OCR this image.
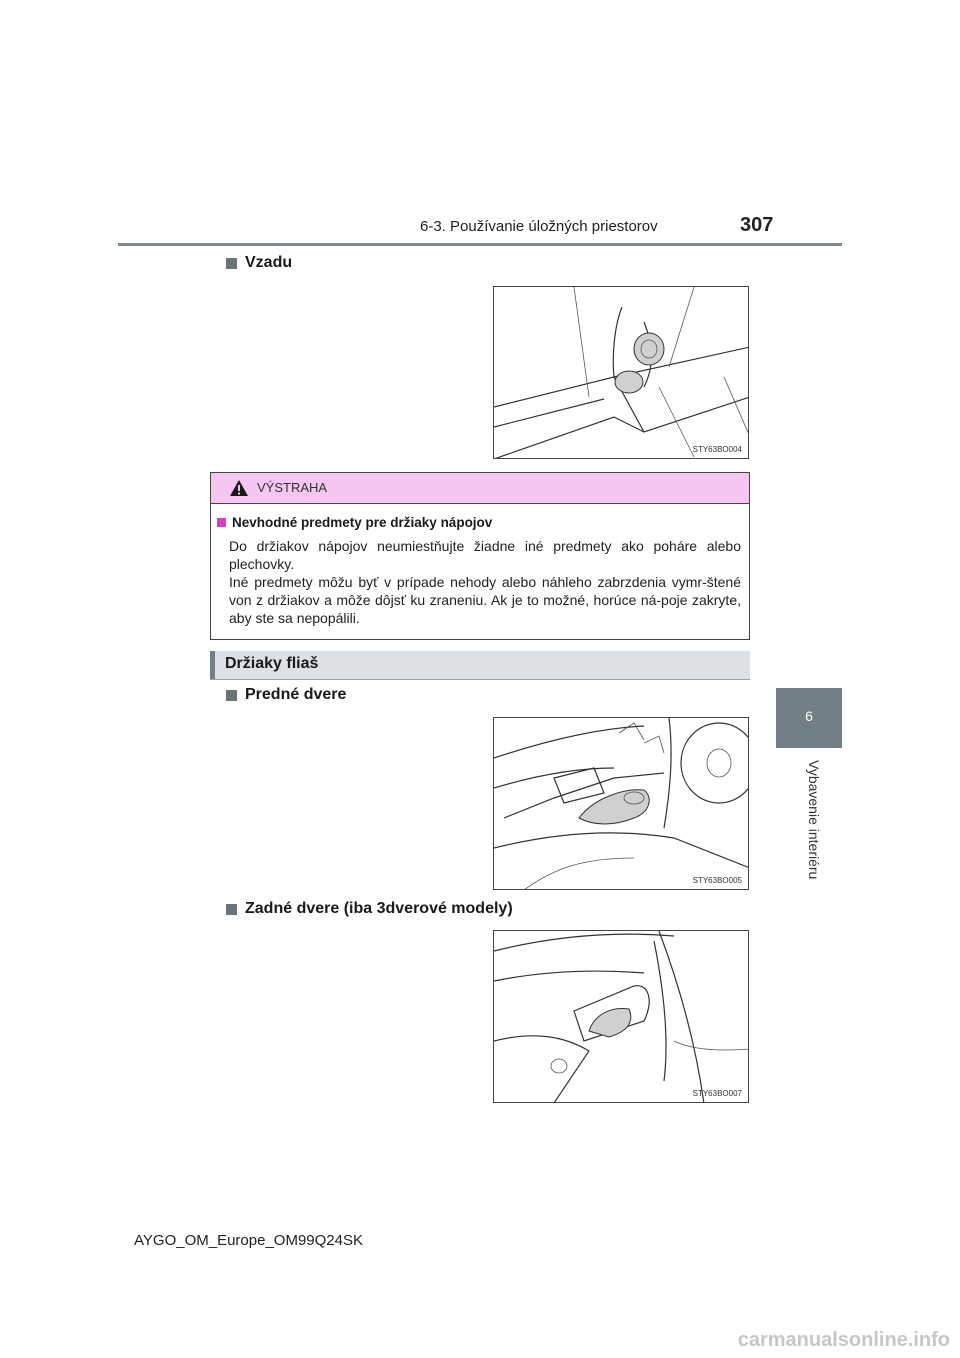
6-3. Používanie úložných priestorov	307
6
Vybavenie interiéru
Vzadu
STY63BO004
VÝSTRAHA
Nevhodné predmety pre držiaky nápojov

Do držiakov nápojov neumiestňujte žiadne iné predmety ako poháre alebo plechovky.

Iné predmety môžu byť v prípade nehody alebo náhleho zabrzdenia vymr-štené von z držiakov a môže dôjsť ku zraneniu. Ak je to možné, horúce ná-poje zakryte, aby ste sa nepopálili.

Držiaky fliaš
Predné dvere
STY63BO005
Zadné dvere (iba 3dverové modely)
STY63BO007
AYGO_OM_Europe_OM99Q24SK
carmanualsonline.info
